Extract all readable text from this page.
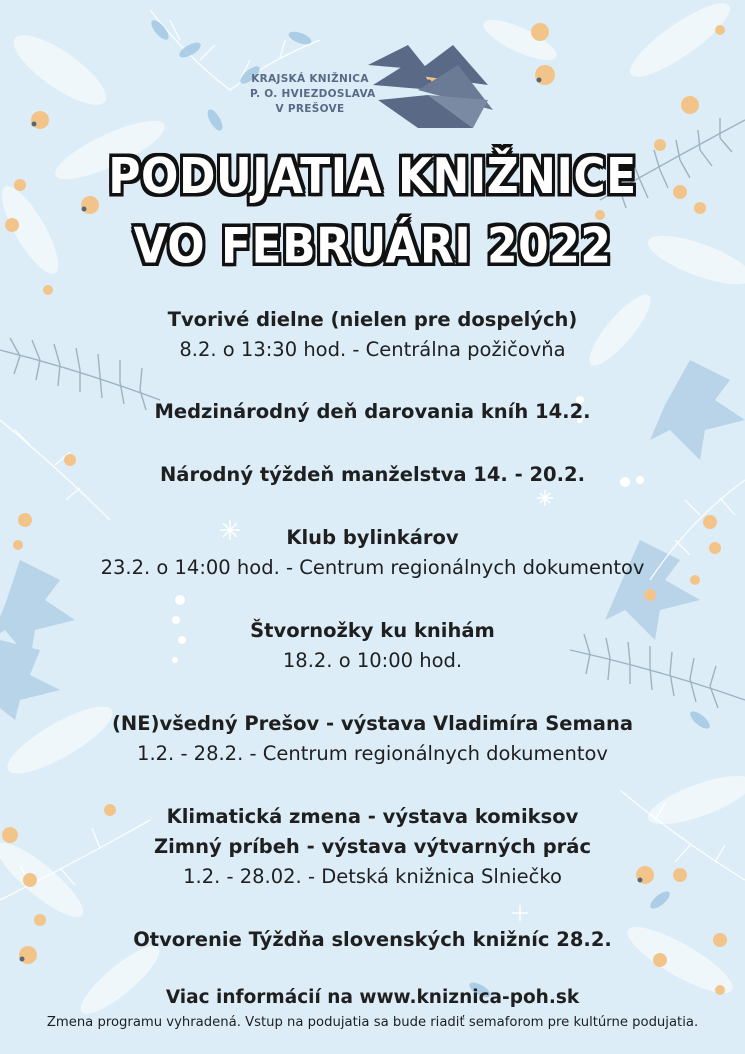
KRAJSKÁ KNIŽNICA
P. O. HVIEZDOSLAVA
V PREŠOVE
PODUJATIA KNIŽNICE
VO FEBRUÁRI 2022
Tvorivé dielne (nielen pre dospelých)
8.2. o 13:30 hod. - Centrálna požičovňa
Medzinárodný deň darovania kníh 14.2.
Národný týždeň manželstva 14. - 20.2.
Klub bylinkárov
23.2. o 14:00 hod. - Centrum regionálnych dokumentov
Štvornožky ku knihám
18.2. o 10:00 hod.
(NE)všedný Prešov - výstava Vladimíra Semana
1.2. - 28.2. - Centrum regionálnych dokumentov
Klimatická zmena - výstava komiksov
Zimný príbeh - výstava výtvarných prác
1.2. - 28.02. - Detská knižnica Slniečko
Otvorenie Týždňa slovenských knižníc 28.2.
Viac informácií na www.kniznica-poh.sk
Zmena programu vyhradená. Vstup na podujatia sa bude riadiť semaforom pre kultúrne podujatia.
